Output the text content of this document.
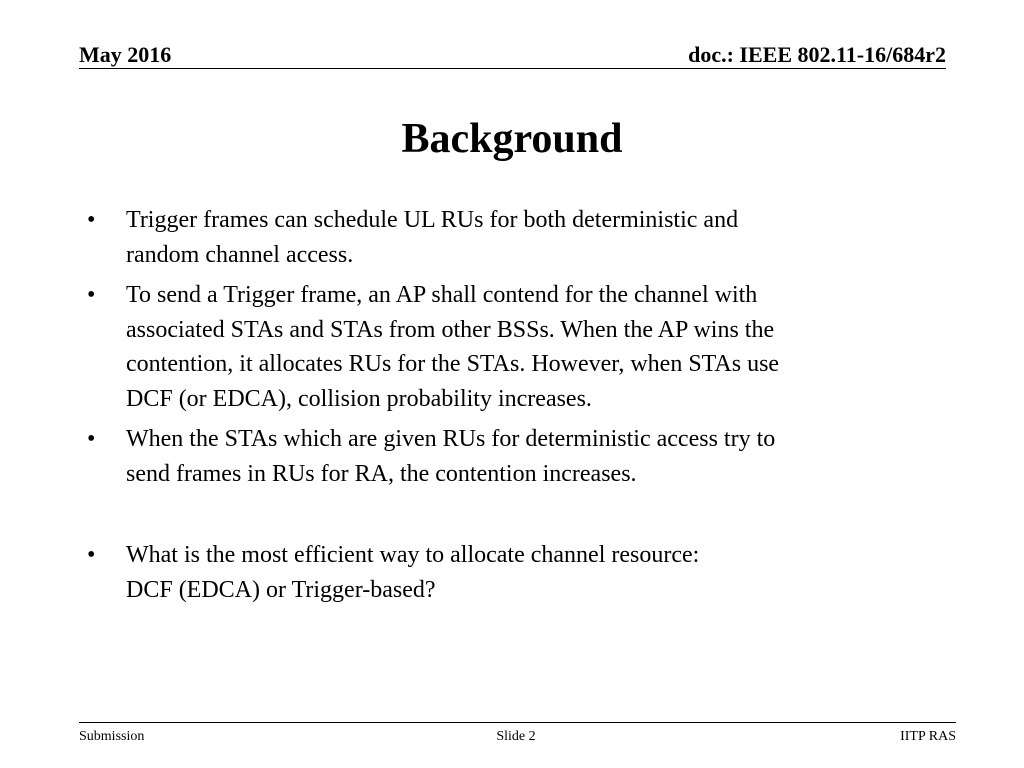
May 2016	doc.: IEEE 802.11-16/684r2
Background
• Trigger frames can schedule UL RUs for both deterministic and
random channel access.
• To send a Trigger frame, an AP shall contend for the channel with
associated STAs and STAs from other BSSs. When the AP wins the
contention, it allocates RUs for the STAs. However, when STAs use
DCF (or EDCA), collision probability increases.
• When the STAs which are given RUs for deterministic access try to
send frames in RUs for RA, the contention increases.
• What is the most efficient way to allocate channel resource:
DCF (EDCA) or Trigger-based?
Submission	Slide 2	IITP RAS
